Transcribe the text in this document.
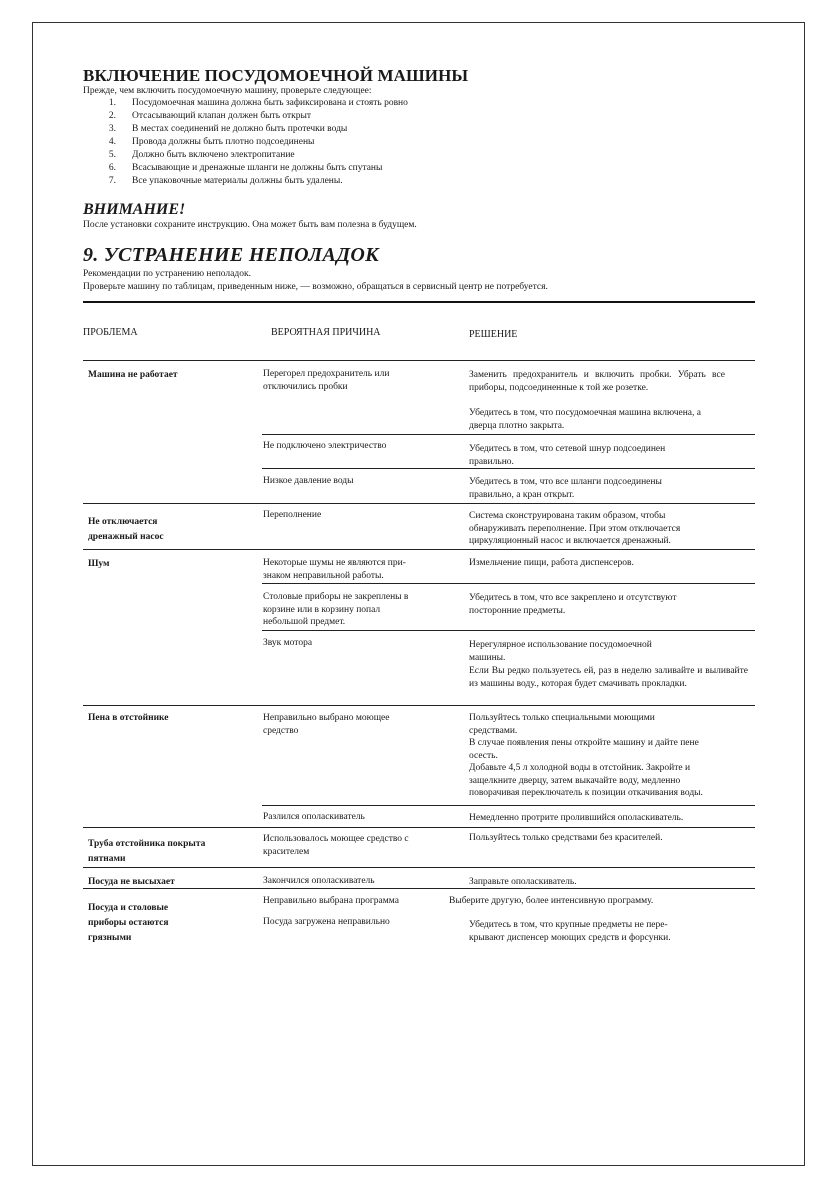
ВКЛЮЧЕНИЕ ПОСУДОМОЕЧНОЙ МАШИНЫ
Прежде, чем включить посудомоечную машину, проверьте следующее:
1. Посудомоечная машина должна быть зафиксирована и стоять ровно
2. Отсасывающий клапан должен быть открыт
3. В местах соединений не должно быть протечки воды
4. Провода должны быть плотно подсоединены
5. Должно быть включено электропитание
6. Всасывающие и дренажные шланги не должны быть спутаны
7. Все упаковочные материалы должны быть удалены.
ВНИМАНИЕ!
После установки сохраните инструкцию. Она может быть вам полезна в будущем.
9. УСТРАНЕНИЕ НЕПОЛАДОК
Рекомендации по устранению неполадок.
Проверьте машину по таблицам, приведенным ниже, — возможно, обращаться в сервисный центр не потребуется.
ПРОБЛЕМА	ВЕРОЯТНАЯ ПРИЧИНА	РЕШЕНИЕ
Машина не работает
Не отключается
дренажный насос
Шум
Пена в отстойнике
Труба отстойника покрыта
пятнами
Посуда не высыхает
Посуда и столовые
приборы остаются
грязными
Перегорел предохранитель или
отключились пробки
Не подключено электричество
Низкое давление воды
Переполнение
Некоторые шумы не являются при-
знаком неправильной работы.
Столовые приборы не закреплены в
корзине или в корзину попал
небольшой предмет.
Звук мотора
Неправильно выбрано моющее
средство
Разлился ополаскиватель
Использовалось моющее средство с
красителем
Закончился ополаскиватель
Неправильно выбрана программа
Посуда загружена неправильно
Заменить предохранитель и включить пробки. Убрать все приборы, подсоединенные к той же розетке.
Убедитесь в том, что посудомоечная машина включена, а
дверца плотно закрыта.
Убедитесь в том, что сетевой шнур подсоединен
правильно.
Убедитесь в том, что все шланги подсоединены
правильно, а кран открыт.
Система сконструирована таким образом, чтобы
обнаруживать переполнение. При этом отключается
циркуляционный насос и включается дренажный.
Измельчение пищи, работа диспенсеров.
Убедитесь в том, что все закреплено и отсутствуют
посторонние предметы.
Нерегулярное использование посудомоечной
машины.
Если Вы редко пользуетесь ей, раз в неделю заливайте и выливайте из машины воду., которая будет смачивать прокладки.
Пользуйтесь только специальными моющими
средствами.
В случае появления пены откройте машину и дайте пене
осесть.
Добавьте 4,5 л холодной воды в отстойник. Закройте и
защелкните дверцу, затем выкачайте воду, медленно
поворачивая переключатель к позиции откачивания воды.
Немедленно протрите пролившийся ополаскиватель.
Пользуйтесь только средствами без красителей.
Заправьте ополаскиватель.
Выберите другую, более интенсивную программу.
Убедитесь в том, что крупные предметы не пере-
крывают диспенсер моющих средств и форсунки.
